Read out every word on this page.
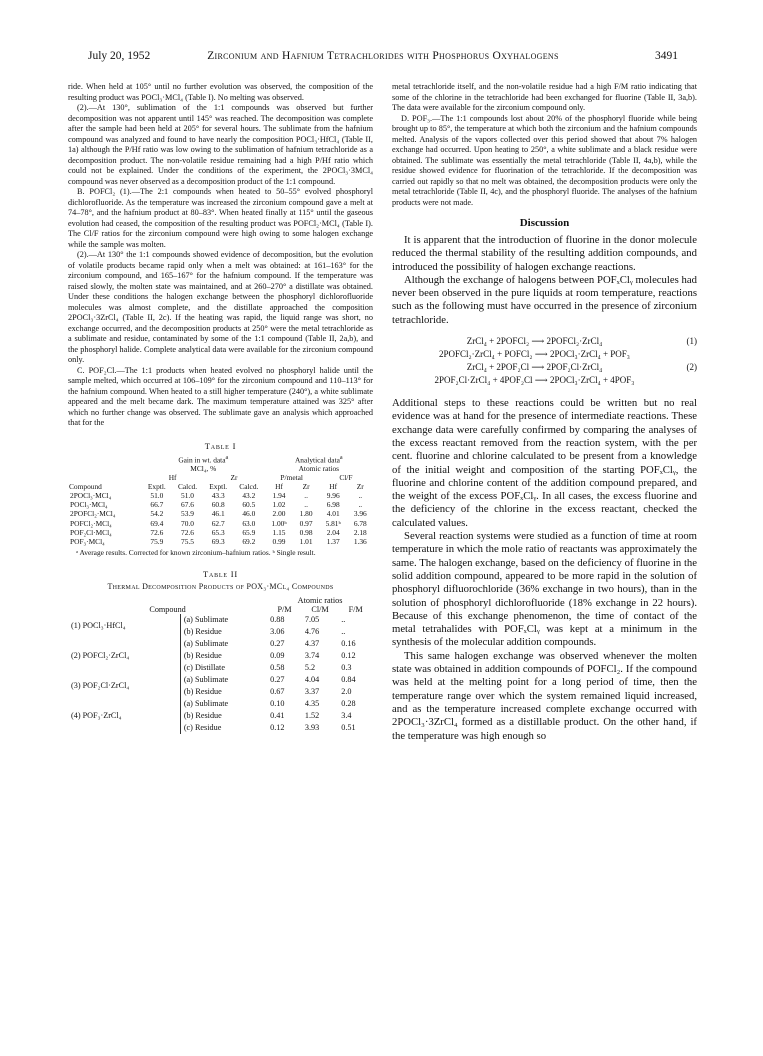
July 20, 1952	Zirconium and Hafnium Tetrachlorides with Phosphorus Oxyhalogens	3491

ride. When held at 105° until no further evolution was observed, the composition of the resulting product was POCl₃·MCl₄ (Table I). No melting was observed.

(2).—At 130°, sublimation of the 1:1 compounds was observed but further decomposition was not apparent until 145° was reached. The decomposition was complete after the sample had been held at 205° for several hours. The sublimate from the hafnium compound was analyzed and found to have nearly the composition POCl₃·HfCl₄ (Table II, 1a) although the P/Hf ratio was low owing to the sublimation of hafnium tetrachloride as a decomposition product. The non-volatile residue remaining had a high P/Hf ratio which could not be explained. Under the conditions of the experiment, the 2POCl₃·3MCl₄ compound was never observed as a decomposition product of the 1:1 compound.

B. POFCl₂ (1).—The 2:1 compounds when heated to 50–55° evolved phosphoryl dichlorofluoride. As the temperature was increased the zirconium compound gave a melt at 74–78°, and the hafnium product at 80–83°. When heated finally at 115° until the gaseous evolution had ceased, the composition of the resulting product was POFCl₂·MCl₄ (Table I). The Cl/F ratios for the zirconium compound were high owing to some halogen exchange while the sample was molten.

(2).—At 130° the 1:1 compounds showed evidence of decomposition, but the evolution of volatile products became rapid only when a melt was obtained: at 161–163° for the zirconium compound, and 165–167° for the hafnium compound. If the temperature was raised slowly, the molten state was maintained, and at 260–270° a distillate was obtained. Under these conditions the halogen exchange between the phosphoryl dichlorofluoride molecules was almost complete, and the distillate approached the composition 2POCl₃·3ZrCl₄ (Table II, 2c). If the heating was rapid, the liquid range was short, no exchange occurred, and the decomposition products at 250° were the metal tetrachloride as a sublimate and residue, contaminated by some of the 1:1 compound (Table II, 2a,b), and the phosphoryl halide. Complete analytical data were available for the zirconium compound only.

C. POF₂Cl.—The 1:1 products when heated evolved no phosphoryl halide until the sample melted, which occurred at 106–109° for the zirconium compound and 110–113° for the hafnium compound. When heated to a still higher temperature (240°), a white sublimate appeared and the melt became dark. The maximum temperature attained was 325° after which no further change was observed. The sublimate gave an analysis which approached that for the

Table I
	Gain in wt. data$^a$
MCl₄, %				Analytical data$^a$
Atomic ratios			
	Hf		Zr		P/metal		Cl/F	
Compound	Exptl.	Calcd.	Exptl.	Calcd.	Hf	Zr	Hf	Zr
2POCl₃·MCl₄	51.0	51.0	43.3	43.2	1.94	..	9.96	..
POCl₃·MCl₄	66.7	67.6	60.8	60.5	1.02	..	6.98	..
2POFCl₂·MCl₄	54.2	53.9	46.1	46.0	2.00	1.80	4.01	3.96
POFCl₂·MCl₄	69.4	70.0	62.7	63.0	1.00ᵇ	0.97	5.81ᵇ	6.78
POF₂Cl·MCl₄	72.6	72.6	65.3	65.9	1.15	0.98	2.04	2.18
POF₃·MCl₄	75.9	75.5	69.3	69.2	0.99	1.01	1.37	1.36
ᵃ Average results. Corrected for known zirconium–hafnium ratios. ᵇ Single result.
Table II
Thermal Decomposition Products of POX₃·MCl₄ Compounds
		Atomic ratios		
Compound		P/M	Cl/M	F/M
(1) POCl₃·HfCl₄	(a) Sublimate	0.88	7.05	..
	(b) Residue	3.06	4.76	..
(2) POFCl₂·ZrCl₄	(a) Sublimate	0.27	4.37	0.16
	(b) Residue	0.09	3.74	0.12
	(c) Distillate	0.58	5.2	0.3
(3) POF₂Cl·ZrCl₄	(a) Sublimate	0.27	4.04	0.84
	(b) Residue	0.67	3.37	2.0
(4) POF₃·ZrCl₄	(a) Sublimate	0.10	4.35	0.28
	(b) Residue	0.41	1.52	3.4
	(c) Residue	0.12	3.93	0.51

metal tetrachloride itself, and the non-volatile residue had a high F/M ratio indicating that some of the chlorine in the tetrachloride had been exchanged for fluorine (Table II, 3a,b). The data were available for the zirconium compound only.

D. POF₃.—The 1:1 compounds lost about 20% of the phosphoryl fluoride while being brought up to 85°, the temperature at which both the zirconium and the hafnium compounds melted. Analysis of the vapors collected over this period showed that about 7% halogen exchange had occurred. Upon heating to 250°, a white sublimate and a black residue were obtained. The sublimate was essentially the metal tetrachloride (Table II, 4a,b), while the residue showed evidence for fluorination of the tetrachloride. If the decomposition was carried out rapidly so that no melt was obtained, the decomposition products were only the metal tetrachloride (Table II, 4c), and the phosphoryl fluoride. The analyses of the hafnium products were not made.

Discussion

It is apparent that the introduction of fluorine in the donor molecule reduced the thermal stability of the resulting addition compounds, and introduced the possibility of halogen exchange reactions.

Although the exchange of halogens between POFₓClᵧ molecules had never been observed in the pure liquids at room temperature, reactions such as the following must have occurred in the presence of zirconium tetrachloride.

ZrCl₄ + 2POFCl₂ ⟶ 2POFCl₂·ZrCl₄	(1)
2POFCl₂·ZrCl₄ + POFCl₂ ⟶ 2POCl₃·ZrCl₄ + POF₃
ZrCl₄ + 2POF₂Cl ⟶ 2POF₂Cl·ZrCl₄	(2)
2POF₂Cl·ZrCl₄ + 4POF₂Cl ⟶ 2POCl₃·ZrCl₄ + 4POF₃

Additional steps to these reactions could be written but no real evidence was at hand for the presence of intermediate reactions. These exchange data were carefully confirmed by comparing the analyses of the excess reactant removed from the reaction system, with the per cent. fluorine and chlorine calculated to be present from a knowledge of the initial weight and composition of the starting POFₓClᵧ, the fluorine and chlorine content of the addition compound prepared, and the weight of the excess POFₓClᵧ. In all cases, the excess fluorine and the deficiency of the chlorine in the excess reactant, checked the calculated values.

Several reaction systems were studied as a function of time at room temperature in which the mole ratio of reactants was approximately the same. The halogen exchange, based on the deficiency of fluorine in the solid addition compound, appeared to be more rapid in the solution of phosphoryl difluorochloride (36% exchange in two hours), than in the solution of phosphoryl dichlorofluoride (18% exchange in 22 hours). Because of this exchange phenomenon, the time of contact of the metal tetrahalides with POFₓClᵧ was kept at a minimum in the synthesis of the molecular addition compounds.

This same halogen exchange was observed whenever the molten state was obtained in addition compounds of POFCl₂. If the compound was held at the melting point for a long period of time, then the temperature range over which the system remained liquid increased, and as the temperature increased complete exchange occurred with 2POCl₃·3ZrCl₄ formed as a distillable product. On the other hand, if the temperature was high enough so
